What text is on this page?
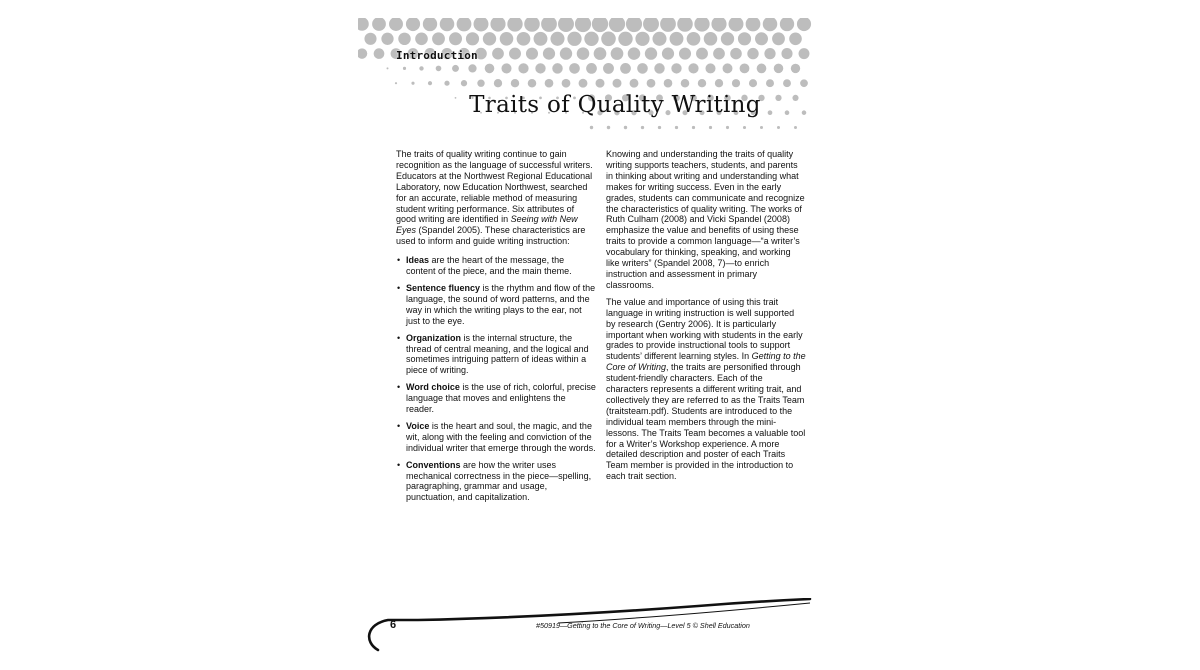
Introduction
Traits of Quality Writing

The traits of quality writing continue to gain recognition as the language of successful writers. Educators at the Northwest Regional Educational Laboratory, now Education Northwest, searched for an accurate, reliable method of measuring student writing performance. Six attributes of good writing are identified in Seeing with New Eyes (Spandel 2005). These characteristics are used to inform and guide writing instruction:

• Ideas are the heart of the message, the content of the piece, and the main theme.
• Sentence fluency is the rhythm and flow of the language, the sound of word patterns, and the way in which the writing plays to the ear, not just to the eye.
• Organization is the internal structure, the thread of central meaning, and the logical and sometimes intriguing pattern of ideas within a piece of writing.
• Word choice is the use of rich, colorful, precise language that moves and enlightens the reader.
• Voice is the heart and soul, the magic, and the wit, along with the feeling and conviction of the individual writer that emerge through the words.
• Conventions are how the writer uses mechanical correctness in the piece—spelling, paragraphing, grammar and usage, punctuation, and capitalization.

Knowing and understanding the traits of quality writing supports teachers, students, and parents in thinking about writing and understanding what makes for writing success. Even in the early grades, students can communicate and recognize the characteristics of quality writing. The works of Ruth Culham (2008) and Vicki Spandel (2008) emphasize the value and benefits of using these traits to provide a common language—“a writer’s vocabulary for thinking, speaking, and working like writers” (Spandel 2008, 7)—to enrich instruction and assessment in primary classrooms.

The value and importance of using this trait language in writing instruction is well supported by research (Gentry 2006). It is particularly important when working with students in the early grades to provide instructional tools to support students’ different learning styles. In Getting to the Core of Writing, the traits are personified through student-friendly characters. Each of the characters represents a different writing trait, and collectively they are referred to as the Traits Team (traitsteam.pdf). Students are introduced to the individual team members through the mini-lessons. The Traits Team becomes a valuable tool for a Writer’s Workshop experience. A more detailed description and poster of each Traits Team member is provided in the introduction to each trait section.

6	#50919—Getting to the Core of Writing—Level 5 © Shell Education
